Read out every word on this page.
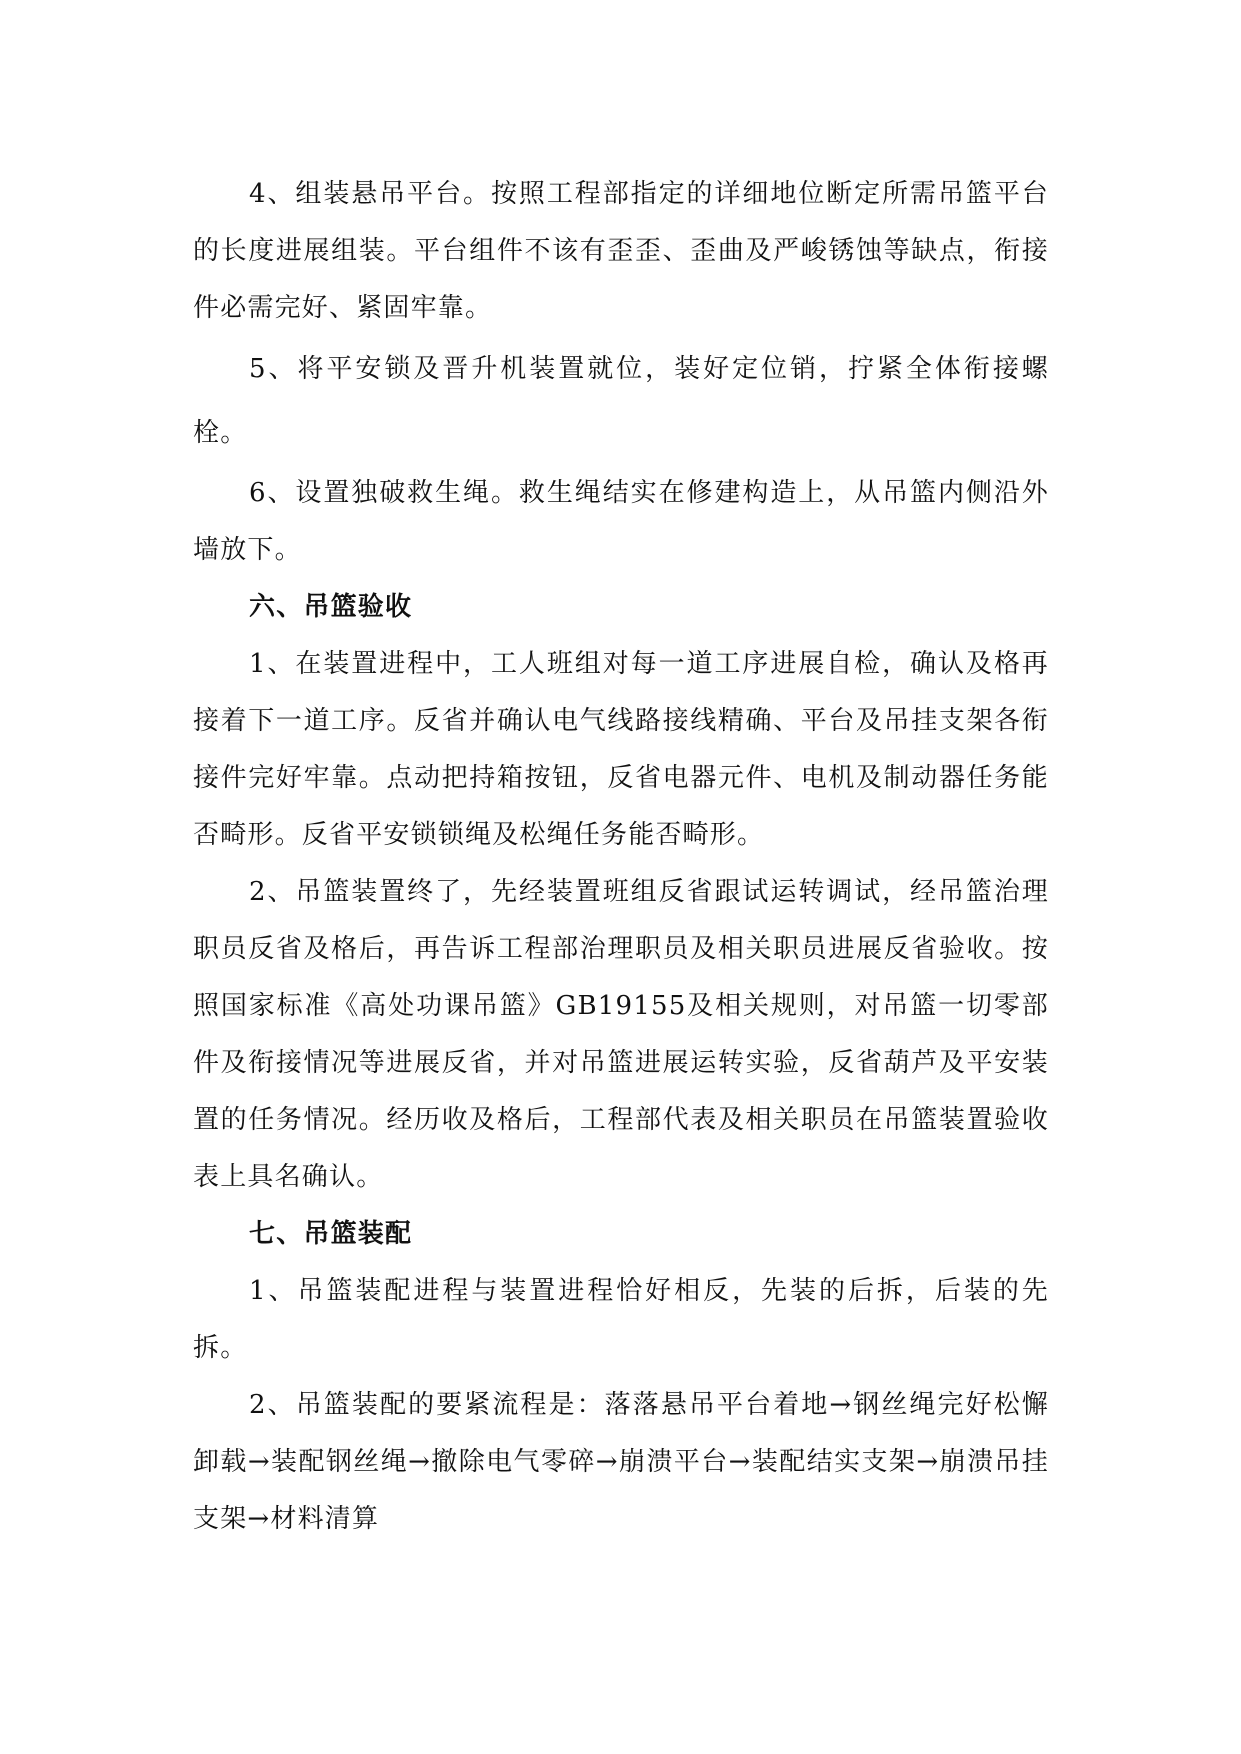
4、组装悬吊平台。按照工程部指定的详细地位断定所需吊篮平台的长度进展组装。平台组件不该有歪歪、歪曲及严峻锈蚀等缺点，衔接件必需完好、紧固牢靠。

5、将平安锁及晋升机装置就位，装好定位销，拧紧全体衔接螺栓。

6、设置独破救生绳。救生绳结实在修建构造上，从吊篮内侧沿外墙放下。

六、吊篮验收

1、在装置进程中，工人班组对每一道工序进展自检，确认及格再接着下一道工序。反省并确认电气线路接线精确、平台及吊挂支架各衔接件完好牢靠。点动把持箱按钮，反省电器元件、电机及制动器任务能否畸形。反省平安锁锁绳及松绳任务能否畸形。

2、吊篮装置终了，先经装置班组反省跟试运转调试，经吊篮治理职员反省及格后，再告诉工程部治理职员及相关职员进展反省验收。按照国家标准《高处功课吊篮》GB19155及相关规则，对吊篮一切零部件及衔接情况等进展反省，并对吊篮进展运转实验，反省葫芦及平安装置的任务情况。经历收及格后，工程部代表及相关职员在吊篮装置验收表上具名确认。

七、吊篮装配

1、吊篮装配进程与装置进程恰好相反，先装的后拆，后装的先拆。

2、吊篮装配的要紧流程是：落落悬吊平台着地→钢丝绳完好松懈卸载→装配钢丝绳→撤除电气零碎→崩溃平台→装配结实支架→崩溃吊挂支架→材料清算
